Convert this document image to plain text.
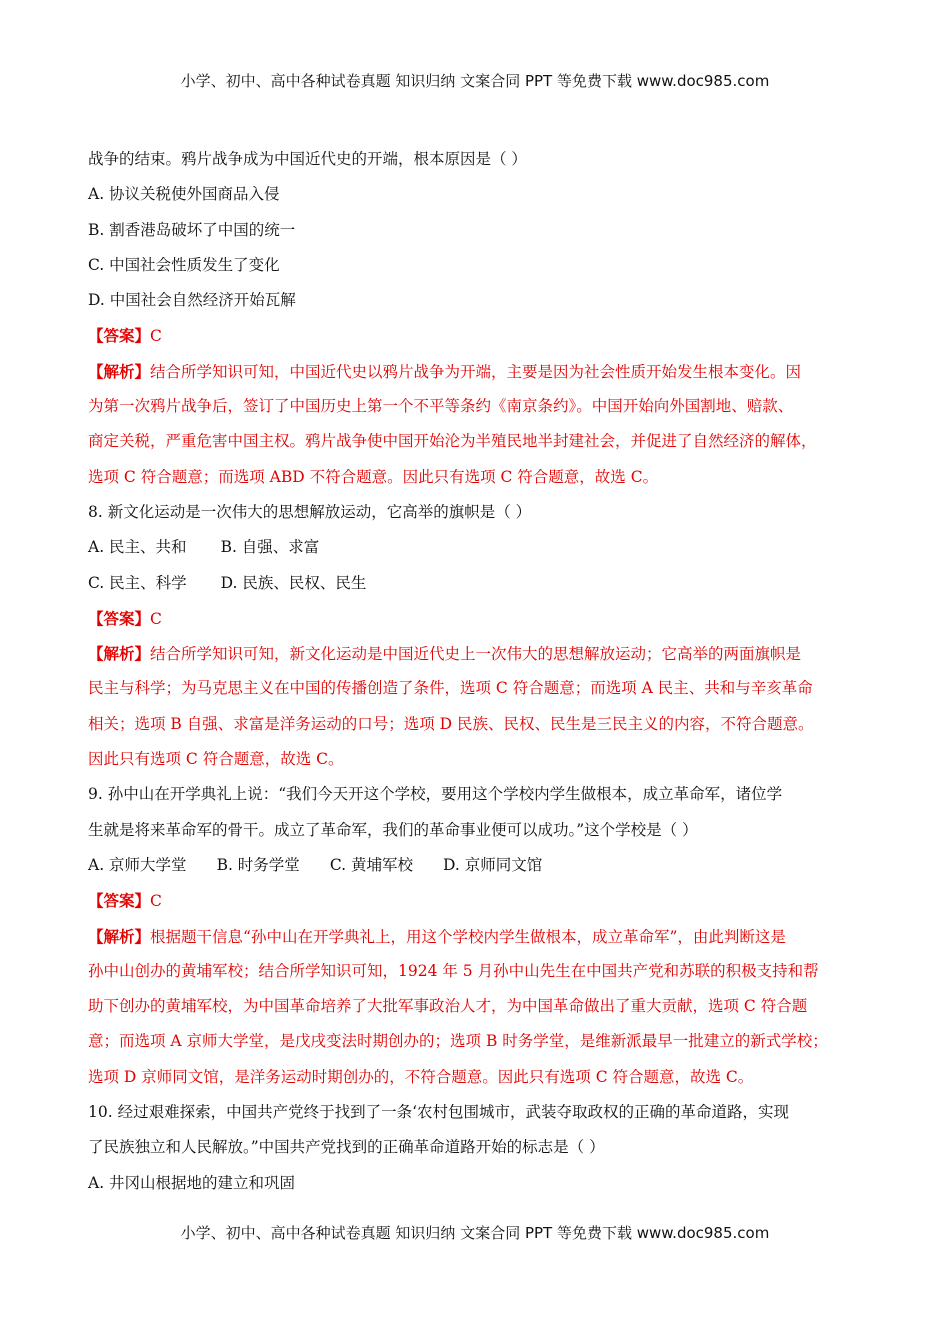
小学、初中、高中各种试卷真题 知识归纳 文案合同 PPT 等免费下载 www.doc985.com
战争的结束。鸦片战争成为中国近代史的开端，根本原因是（ ）
A. 协议关税使外国商品入侵
B. 割香港岛破坏了中国的统一
C. 中国社会性质发生了变化
D. 中国社会自然经济开始瓦解
【答案】C
【解析】结合所学知识可知，中国近代史以鸦片战争为开端，主要是因为社会性质开始发生根本变化。因
为第一次鸦片战争后，签订了中国历史上第一个不平等条约《南京条约》。中国开始向外国割地、赔款、
商定关税，严重危害中国主权。鸦片战争使中国开始沦为半殖民地半封建社会，并促进了自然经济的解体，
选项 C 符合题意；而选项 ABD 不符合题意。因此只有选项 C 符合题意，故选 C。
8. 新文化运动是一次伟大的思想解放运动，它高举的旗帜是（ ）
A. 民主、共和 B. 自强、求富
C. 民主、科学 D. 民族、民权、民生
【答案】C
【解析】结合所学知识可知，新文化运动是中国近代史上一次伟大的思想解放运动；它高举的两面旗帜是
民主与科学；为马克思主义在中国的传播创造了条件，选项 C 符合题意；而选项 A 民主、共和与辛亥革命
相关；选项 B 自强、求富是洋务运动的口号；选项 D 民族、民权、民生是三民主义的内容，不符合题意。
因此只有选项 C 符合题意，故选 C。
9. 孙中山在开学典礼上说：“我们今天开这个学校，要用这个学校内学生做根本，成立革命军，诸位学
生就是将来革命军的骨干。成立了革命军，我们的革命事业便可以成功。”这个学校是（ ）
A. 京师大学堂 B. 时务学堂 C. 黄埔军校 D. 京师同文馆
【答案】C
【解析】根据题干信息“孙中山在开学典礼上，用这个学校内学生做根本，成立革命军”，由此判断这是
孙中山创办的黄埔军校；结合所学知识可知，1924 年 5 月孙中山先生在中国共产党和苏联的积极支持和帮
助下创办的黄埔军校，为中国革命培养了大批军事政治人才，为中国革命做出了重大贡献，选项 C 符合题
意；而选项 A 京师大学堂，是戊戌变法时期创办的；选项 B 时务学堂，是维新派最早一批建立的新式学校；
选项 D 京师同文馆，是洋务运动时期创办的，不符合题意。因此只有选项 C 符合题意，故选 C。
10. 经过艰难探索，中国共产党终于找到了一条‘农村包围城市，武装夺取政权的正确的革命道路，实现
了民族独立和人民解放。”中国共产党找到的正确革命道路开始的标志是（ ）
A. 井冈山根据地的建立和巩固
小学、初中、高中各种试卷真题 知识归纳 文案合同 PPT 等免费下载 www.doc985.com
